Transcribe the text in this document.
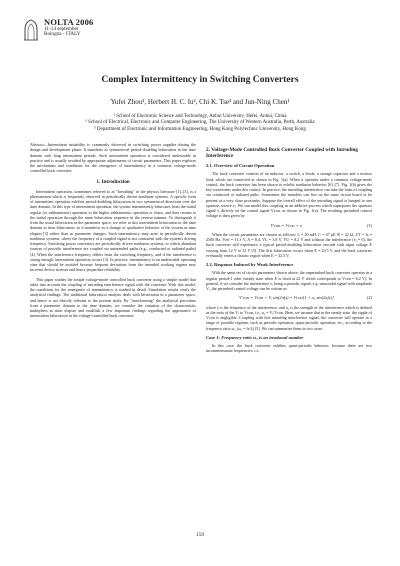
NOLTA 2006
11-14 september
Bologna - ITALY
Complex Intermittency in Switching Converters
Yufei Zhou¹, Herbert H. C. Iu², Chi K. Tse³ and Jun-Ning Chen¹
¹ School of Electronic Science and Technology, Anhui University, Hefei, Anhui, China
² School of Electrical, Electronic and Computer Engineering, The University of Western Australia, Perth, Australia
³ Department of Electronic and Information Engineering, Hong Kong Polytechnic University, Hong Kong

Abstract—Intermittent instability is commonly observed in switching power supplies during the design and development phase. It manifests as symmetrical period-doubling bifurcation in the time domain with long intermittent periods. Such intermittent operation is considered undesirable in practice and is usually avoided by appropriate adjustments of circuit parameters. This paper explores the mechanism and conditions for the emergence of intermittency in a common voltage-mode controlled buck converter.

1. Introduction

Intermittent operation, sometimes referred to as "breathing" in the physics literature [1]–[3], is a phenomenon which is frequently observed in periodically driven nonlinear systems. A specific form of intermittent operation exhibits period-doubling bifurcation in two symmetrical directions over the time domain. In this type of intermittent operation, the system intermittently bifurcates from the initial regular (or subharmonic) operation to the higher subharmonic operation or chaos, and then returns to the initial operation through the same bifurcation sequence in the reverse manner. To distinguish it from the usual bifurcation in the parameter space, we refer to this intermittent bifurcation in the time domain as time bifurcation, as it manifests as a change of qualitative behavior of the system as time elapses [3] rather than as parameter changes. Such intermittency may arise in periodically driven nonlinear systems, where the frequency of a coupled signal is not consistent with the system's driving frequency. Switching power converters are periodically driven nonlinear systems, to which abundant sources of periodic interference are coupled via unintended paths (e.g., conducted or radiated paths) [4]. When the interference frequency differs from the switching frequency, and if the interference is strong enough, intermittent operation occurs [3]. In practice, intermittency is an undesirable operating state that should be avoided because frequent deviations from the intended working regime may increase device stresses and hence jeopardize reliability.

This paper studies the simple voltage-mode controlled buck converter using a simple model that takes into account the coupling of intruding interference signal with the converter. With this model, the conditions for the emergence of intermittency is studied in detail. Simulation results verify the analytical findings. The traditional bifurcation analysis deals with bifurcation in a parameter space, and hence is not directly relevant to the present study. By "transforming" the analytical procedure from a parameter domain to the time domain, we consider the variation of the characteristic multipliers as time elapses and establish a few important findings regarding the appearance of intermittent bifurcation in the voltage-controlled buck converter.

2. Voltage-Mode Controlled Buck Converter Coupled with Intruding Interference
2.1. Overview of Circuit Operation

The buck converter consists of an inductor, a switch, a diode, a storage capacitor and a resistor load, which are connected as shown in Fig. 1(a). When it operates under a common voltage-mode control, the buck converter has been shown to exhibit nonlinear behavior [6]–[7]. Fig. 1(b) gives the key waveforms under this control. In practice, the intruding interference can take the form of coupling via conducted or radiated paths. Sometimes the intruders can live on the same circuit board or be present at a very close proximity. Suppose the overall effect of the intruding signal is lumped to one spurious source vᵢ. We can model this coupling as an additive process which superposes the spurious signal vᵢ directly on the control signal Vcon, as shown in Fig. 1(a). The resulting perturbed control voltage is then given by

V'con = Vcon + vᵢ	(1)

When the circuit parameters are chosen as follows: L = 20 mH, C = 47 μF, R = 22 Ω, 1/T = fs = 2500 Hz, Vref = 11.3 V, A = 8.4, VL = 3.8 V, VU = 8.2 V and without the interference (vᵢ = 0), the buck converter will experience a typical period-doubling bifurcation cascade with input voltage E varying from 12 V to 33 V [5]. The first bifurcation occurs when E = 24.5 V, and the buck converter eventually enters a chaotic region when E = 32.3 V.

2.2. Response Induced by Weak Interference

With the same set of circuit parameters shown above, the unperturbed buck converter operates in a regular period-1 orbit (steady state when E is fixed at 22 V which corresponds to Vcon = 6.2 V). In general, if we consider the interference vᵢ being a periodic signal, e.g. sinusoidal signal with amplitude Vᵢ, the perturbed control voltage can be written as

V'con = Vcon + Vᵢ sin(2πfᵢt) = Vcon[1 + a₁ sin(2πfᵢt)]	(2)

where fᵢ is the frequency of the interference, and a₁ is the strength of the interference which is defined as the ratio of the Vᵢ to Vcon, i.e., a₁ = Vᵢ/Vcon. Here, we assume that in the steady state, the ripple of Vcon is negligible. Coupling with this intruding interference signal, the converter will operate in a range of possible regimes, such as periodic operation, quasi-periodic operation, etc., according to the frequency ratio ω₁ (ω₁ = fs/fᵢ) [5]. We can summarize them in two cases.

Case 1: Frequency ratio ω₁ is an irrational number

In this case, the buck converter exhibits quasi-periodic behavior, because there are two incommensurate frequencies, i.e.,

159
